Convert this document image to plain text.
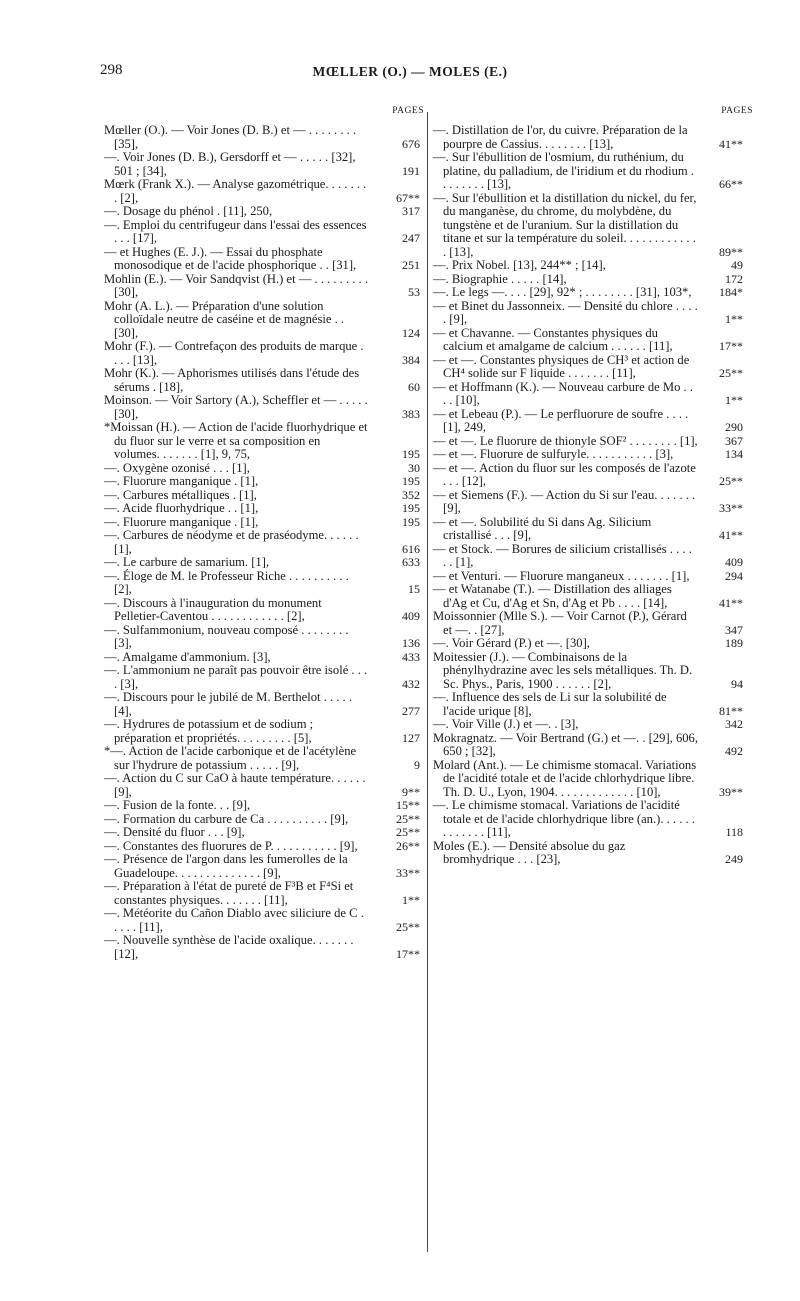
298	MŒLLER (O.) — MOLES (E.)
PAGES
Mœller (O.). — Voir Jones (D. B.) et — . . . . . . . . [35],	676
—. Voir Jones (D. B.), Gersdorff et — . . . . . [32], 501 ; [34],	191
Mœrk (Frank X.). — Analyse gazométrique. . . . . . . . [2],	67**
—. Dosage du phénol . [11], 250,	317
—. Emploi du centrifugeur dans l'essai des essences . . . [17],	247
— et Hughes (E. J.). — Essai du phosphate monosodique et de l'acide phosphorique . . [31],	251
Mohlin (E.). — Voir Sandqvist (H.) et — . . . . . . . . . [30],	53
Mohr (A. L.). — Préparation d'une solution colloïdale neutre de caséine et de magnésie . . [30],	124
Mohr (F.). — Contrefaçon des produits de marque . . . . [13],	384
Mohr (K.). — Aphorismes utilisés dans l'étude des sérums . [18],	60
Moinson. — Voir Sartory (A.), Scheffler et — . . . . . [30],	383
*Moissan (H.). — Action de l'acide fluorhydrique et du fluor sur le verre et sa composition en volumes. . . . . . . [1], 9, 75,	195
—. Oxygène ozonisé . . . [1],	30
—. Fluorure manganique . [1],	195
—. Carbures métalliques . [1],	352
—. Acide fluorhydrique . . [1],	195
—. Fluorure manganique . [1],	195
—. Carbures de néodyme et de praséodyme. . . . . . [1],	616
—. Le carbure de samarium. [1],	633
—. Éloge de M. le Professeur Riche . . . . . . . . . . [2],	15
—. Discours à l'inauguration du monument Pelletier-Caventou . . . . . . . . . . . . [2],	409
—. Sulfammonium, nouveau composé . . . . . . . . [3],	136
—. Amalgame d'ammonium. [3],	433
—. L'ammonium ne paraît pas pouvoir être isolé . . . . [3],	432
—. Discours pour le jubilé de M. Berthelot . . . . . [4],	277
—. Hydrures de potassium et de sodium ; préparation et propriétés. . . . . . . . . [5],	127
*—. Action de l'acide carbonique et de l'acétylène sur l'hydrure de potassium . . . . . [9],	9
—. Action du C sur CaO à haute température. . . . . . [9],	9**
—. Fusion de la fonte. . . [9],	15**
—. Formation du carbure de Ca . . . . . . . . . . [9],	25**
—. Densité du fluor . . . [9],	25**
—. Constantes des fluorures de P. . . . . . . . . . . [9],	26**
—. Présence de l'argon dans les fumerolles de la Guadeloupe. . . . . . . . . . . . . . [9],	33**
—. Préparation à l'état de pureté de F³B et F⁴Si et constantes physiques. . . . . . . [11],	1**
—. Météorite du Cañon Diablo avec siliciure de C . . . . . [11],	25**
—. Nouvelle synthèse de l'acide oxalique. . . . . . . [12],	17**
PAGES
—. Distillation de l'or, du cuivre. Préparation de la pourpre de Cassius. . . . . . . . [13],	41**
—. Sur l'ébullition de l'osmium, du ruthénium, du platine, du palladium, de l'iridium et du rhodium . . . . . . . . [13],	66**
—. Sur l'ébullition et la distillation du nickel, du fer, du manganèse, du chrome, du molybdène, du tungstène et de l'uranium. Sur la distillation du titane et sur la température du soleil. . . . . . . . . . . . . [13],	89**
—. Prix Nobel. [13], 244** ; [14],	49
—. Biographie . . . . . [14],	172
—. Le legs —. . . . [29], 92* ; . . . . . . . . [31], 103*,	184*
— et Binet du Jassonneix. — Densité du chlore . . . . . [9],	1**
— et Chavanne. — Constantes physiques du calcium et amalgame de calcium . . . . . . [11],	17**
— et —. Constantes physiques de CH³ et action de CH⁴ solide sur F liquide . . . . . . . [11],	25**
— et Hoffmann (K.). — Nouveau carbure de Mo . . . . [10],	1**
— et Lebeau (P.). — Le perfluorure de soufre . . . . [1], 249,	290
— et —. Le fluorure de thionyle SOF² . . . . . . . . [1], 367
— et —. Fluorure de sulfuryle. . . . . . . . . . . [3],	134
— et —. Action du fluor sur les composés de l'azote . . . [12],	25**
— et Siemens (F.). — Action du Si sur l'eau. . . . . . . [9],	33**
— et —. Solubilité du Si dans Ag. Silicium cristallisé . . . [9],	41**
— et Stock. — Borures de silicium cristallisés . . . . . . [1],	409
— et Venturi. — Fluorure manganeux . . . . . . . [1],	294
— et Watanabe (T.). — Distillation des alliages d'Ag et Cu, d'Ag et Sn, d'Ag et Pb . . . . [14],	41**
Moissonnier (Mlle S.). — Voir Carnot (P.), Gérard et —. . [27],	347
—. Voir Gérard (P.) et —. [30],	189
Moitessier (J.). — Combinaisons de la phénylhydrazine avec les sels métalliques. Th. D. Sc. Phys., Paris, 1900 . . . . . . [2],	94
—. Influence des sels de Li sur la solubilité de l'acide urique [8],	81**
—. Voir Ville (J.) et —. . [3],	342
Mokragnatz. — Voir Bertrand (G.) et —. . [29], 606, 650 ; [32],	492
Molard (Ant.). — Le chimisme stomacal. Variations de l'acidité totale et de l'acide chlorhydrique libre. Th. D. U., Lyon, 1904. . . . . . . . . . . . . [10],	39**
—. Le chimisme stomacal. Variations de l'acidité totale et de l'acide chlorhydrique libre (an.). . . . . . . . . . . . . [11],	118
Moles (E.). — Densité absolue du gaz bromhydrique . . . [23],	249
